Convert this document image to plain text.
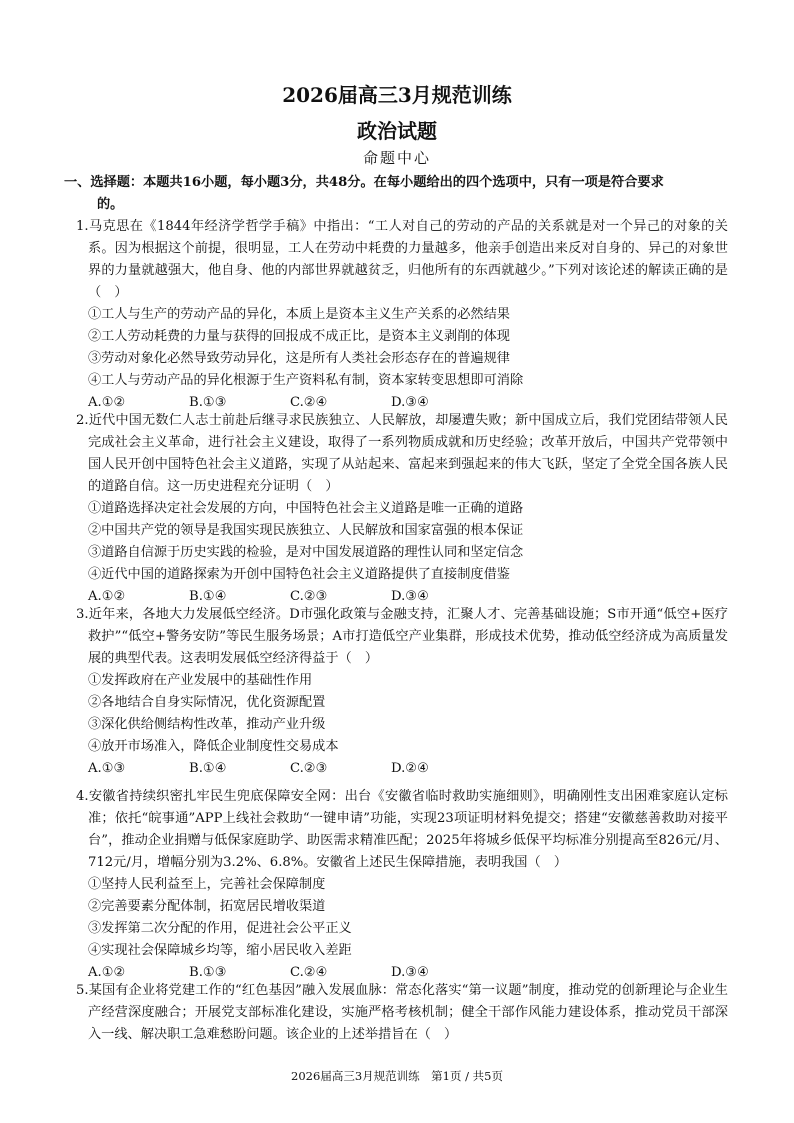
2026届高三3月规范训练
政治试题
命题中心
一、选择题：本题共16小题，每小题3分，共48分。在每小题给出的四个选项中，只有一项是符合要求
的。
1.马克思在《1844年经济学哲学手稿》中指出：“工人对自己的劳动的产品的关系就是对一个异己的对象的关系。因为根据这个前提，很明显，工人在劳动中耗费的力量越多，他亲手创造出来反对自身的、异己的对象世界的力量就越强大，他自身、他的内部世界就越贫乏，归他所有的东西就越少。”下列对该论述的解读正确的是（　）
①工人与生产的劳动产品的异化，本质上是资本主义生产关系的必然结果
②工人劳动耗费的力量与获得的回报成不成正比，是资本主义剥削的体现
③劳动对象化必然导致劳动异化，这是所有人类社会形态存在的普遍规律
④工人与劳动产品的异化根源于生产资料私有制，资本家转变思想即可消除
A.①②	B.①③	C.②④	D.③④
2.近代中国无数仁人志士前赴后继寻求民族独立、人民解放，却屡遭失败；新中国成立后，我们党团结带领人民完成社会主义革命，进行社会主义建设，取得了一系列物质成就和历史经验；改革开放后，中国共产党带领中国人民开创中国特色社会主义道路，实现了从站起来、富起来到强起来的伟大飞跃，坚定了全党全国各族人民的道路自信。这一历史进程充分证明（　）
①道路选择决定社会发展的方向，中国特色社会主义道路是唯一正确的道路
②中国共产党的领导是我国实现民族独立、人民解放和国家富强的根本保证
③道路自信源于历史实践的检验，是对中国发展道路的理性认同和坚定信念
④近代中国的道路探索为开创中国特色社会主义道路提供了直接制度借鉴
A.①②	B.①④	C.②③	D.③④
3.近年来，各地大力发展低空经济。D市强化政策与金融支持，汇聚人才、完善基础设施；S市开通“低空+医疗救护”“低空+警务安防”等民生服务场景；A市打造低空产业集群，形成技术优势，推动低空经济成为高质量发展的典型代表。这表明发展低空经济得益于（　）
①发挥政府在产业发展中的基础性作用
②各地结合自身实际情况，优化资源配置
③深化供给侧结构性改革，推动产业升级
④放开市场准入，降低企业制度性交易成本
A.①③	B.①④	C.②③	D.②④
4.安徽省持续织密扎牢民生兜底保障安全网：出台《安徽省临时救助实施细则》，明确刚性支出困难家庭认定标准；依托“皖事通”APP上线社会救助“一键申请”功能，实现23项证明材料免提交；搭建“安徽慈善救助对接平台”，推动企业捐赠与低保家庭助学、助医需求精准匹配；2025年将城乡低保平均标准分别提高至826元/月、712元/月，增幅分别为3.2%、6.8%。安徽省上述民生保障措施，表明我国（　）
①坚持人民利益至上，完善社会保障制度
②完善要素分配体制，拓宽居民增收渠道
③发挥第二次分配的作用，促进社会公平正义
④实现社会保障城乡均等，缩小居民收入差距
A.①②	B.①③	C.②④	D.③④
5.某国有企业将党建工作的“红色基因”融入发展血脉：常态化落实“第一议题”制度，推动党的创新理论与企业生产经营深度融合；开展党支部标准化建设，实施严格考核机制；健全干部作风能力建设体系，推动党员干部深入一线、解决职工急难愁盼问题。该企业的上述举措旨在（　）
2026届高三3月规范训练　第1页 / 共5页
